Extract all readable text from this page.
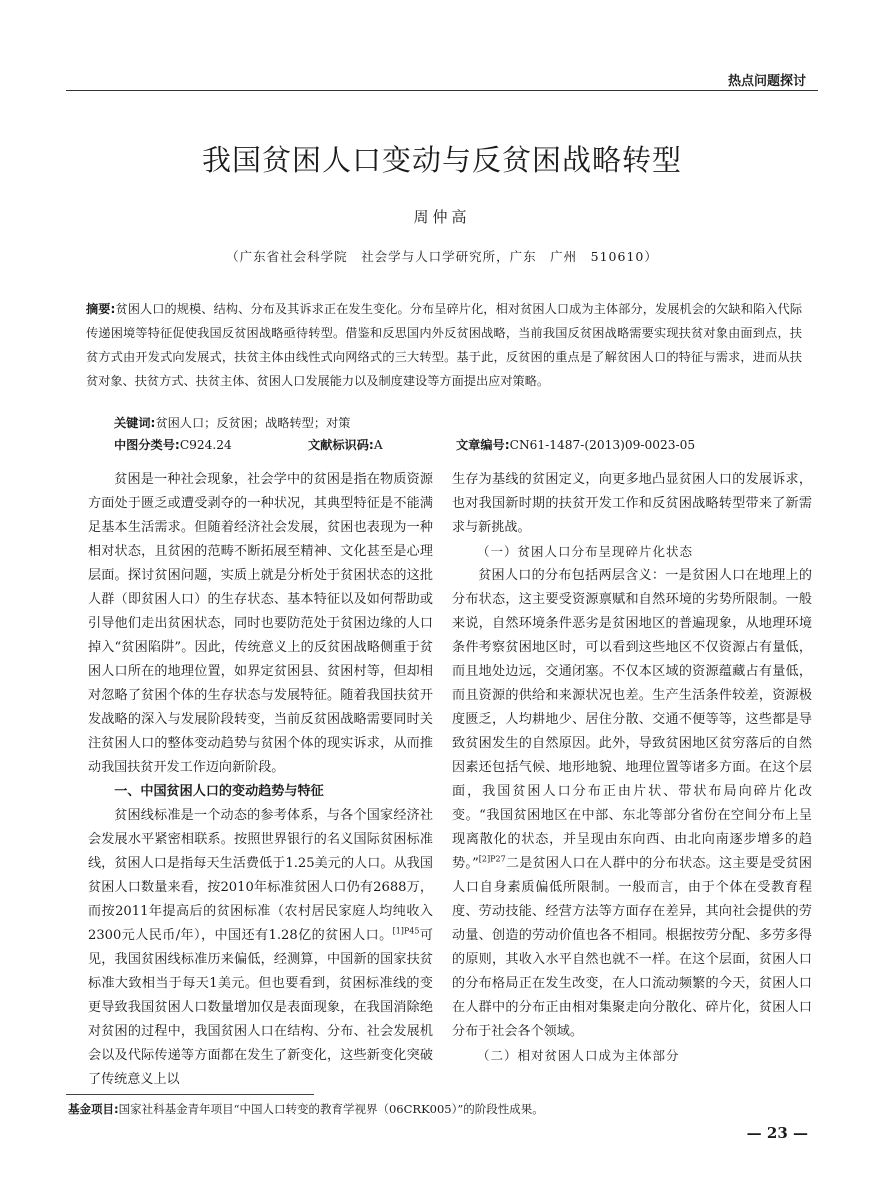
热点问题探讨
我国贫困人口变动与反贫困战略转型
周仲高
（广东省社会科学院　社会学与人口学研究所，广东　广州　510610）
摘要:贫困人口的规模、结构、分布及其诉求正在发生变化。分布呈碎片化，相对贫困人口成为主体部分，发展机会的欠缺和陷入代际传递困境等特征促使我国反贫困战略亟待转型。借鉴和反思国内外反贫困战略，当前我国反贫困战略需要实现扶贫对象由面到点，扶贫方式由开发式向发展式，扶贫主体由线性式向网络式的三大转型。基于此，反贫困的重点是了解贫困人口的特征与需求，进而从扶贫对象、扶贫方式、扶贫主体、贫困人口发展能力以及制度建设等方面提出应对策略。
关键词:贫困人口；反贫困；战略转型；对策
中图分类号:C924.24	文献标识码:A	文章编号:CN61-1487-(2013)09-0023-05

贫困是一种社会现象，社会学中的贫困是指在物质资源方面处于匮乏或遭受剥夺的一种状况，其典型特征是不能满足基本生活需求。但随着经济社会发展，贫困也表现为一种相对状态，且贫困的范畴不断拓展至精神、文化甚至是心理层面。探讨贫困问题，实质上就是分析处于贫困状态的这批人群（即贫困人口）的生存状态、基本特征以及如何帮助或引导他们走出贫困状态，同时也要防范处于贫困边缘的人口掉入“贫困陷阱”。因此，传统意义上的反贫困战略侧重于贫困人口所在的地理位置，如界定贫困县、贫困村等，但却相对忽略了贫困个体的生存状态与发展特征。随着我国扶贫开发战略的深入与发展阶段转变，当前反贫困战略需要同时关注贫困人口的整体变动趋势与贫困个体的现实诉求，从而推动我国扶贫开发工作迈向新阶段。

一、中国贫困人口的变动趋势与特征

贫困线标准是一个动态的参考体系，与各个国家经济社会发展水平紧密相联系。按照世界银行的名义国际贫困标准线，贫困人口是指每天生活费低于1.25美元的人口。从我国贫困人口数量来看，按2010年标准贫困人口仍有2688万，而按2011年提高后的贫困标准（农村居民家庭人均纯收入2300元人民币/年），中国还有1.28亿的贫困人口。$^{[1]P45}$可见，我国贫困线标准历来偏低，经测算，中国新的国家扶贫标准大致相当于每天1美元。但也要看到，贫困标准线的变更导致我国贫困人口数量增加仅是表面现象，在我国消除绝对贫困的过程中，我国贫困人口在结构、分布、社会发展机会以及代际传递等方面都在发生了新变化，这些新变化突破了传统意义上以

生存为基线的贫困定义，向更多地凸显贫困人口的发展诉求，也对我国新时期的扶贫开发工作和反贫困战略转型带来了新需求与新挑战。

（一）贫困人口分布呈现碎片化状态

贫困人口的分布包括两层含义：一是贫困人口在地理上的分布状态，这主要受资源禀赋和自然环境的劣势所限制。一般来说，自然环境条件恶劣是贫困地区的普遍现象，从地理环境条件考察贫困地区时，可以看到这些地区不仅资源占有量低，而且地处边远，交通闭塞。不仅本区域的资源蕴藏占有量低，而且资源的供给和来源状况也差。生产生活条件较差，资源极度匮乏，人均耕地少、居住分散、交通不便等等，这些都是导致贫困发生的自然原因。此外，导致贫困地区贫穷落后的自然因素还包括气候、地形地貌、地理位置等诸多方面。在这个层面，我国贫困人口分布正由片状、带状布局向碎片化改变。“我国贫困地区在中部、东北等部分省份在空间分布上呈现离散化的状态，并呈现由东向西、由北向南逐步增多的趋势。”$^{[2]P27}$二是贫困人口在人群中的分布状态。这主要是受贫困人口自身素质偏低所限制。一般而言，由于个体在受教育程度、劳动技能、经营方法等方面存在差异，其向社会提供的劳动量、创造的劳动价值也各不相同。根据按劳分配、多劳多得的原则，其收入水平自然也就不一样。在这个层面，贫困人口的分布格局正在发生改变，在人口流动频繁的今天，贫困人口在人群中的分布正由相对集聚走向分散化、碎片化，贫困人口分布于社会各个领域。

（二）相对贫困人口成为主体部分
基金项目:国家社科基金青年项目“中国人口转变的教育学视界（06CRK005）”的阶段性成果。
— 23 —
